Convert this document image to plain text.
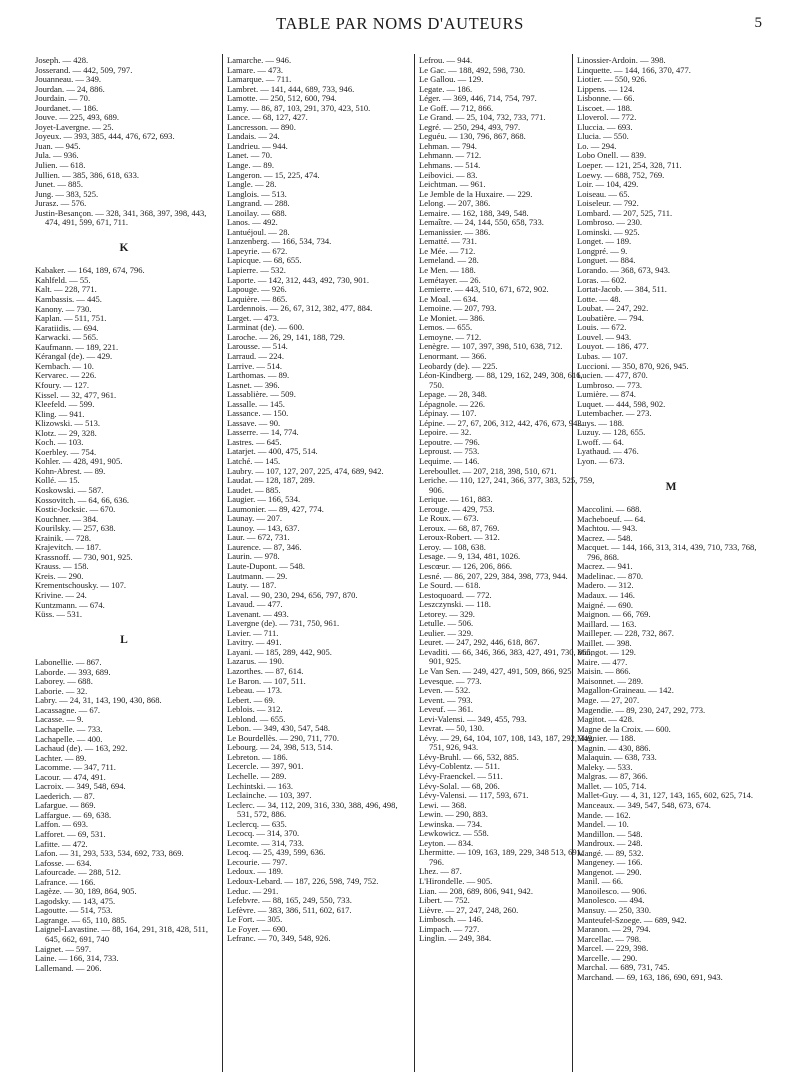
TABLE PAR NOMS D'AUTEURS	5
Joseph. — 428.
Josserand. — 442, 509, 797.
Jouanneau. — 349.
Jourdan. — 24, 886.
Jourdain. — 70.
Jourdanet. — 186.
Jouve. — 225, 493, 689.
Joyet-Lavergne. — 25.
Joyeux. — 393, 385, 444, 476, 672, 693.
Juan. — 945.
Jula. — 936.
Julien. — 618.
Jullien. — 385, 386, 618, 633.
Junet. — 885.
Jung. — 383, 525.
Jurasz. — 576.
Justin-Besançon. — 328, 341, 368, 397, 398, 443, 474, 491, 599, 671, 711.
K
Kabaker. — 164, 189, 674, 796.
Kahlfeld. — 55.
Kalt. — 228, 771.
Kambassis. — 445.
Kanony. — 730.
Kaplan. — 511, 751.
Karatiidis. — 694.
Karwacki. — 565.
Kaufmann. — 189, 221.
Kérangal (de). — 429.
Kernbach. — 10.
Kervarec. — 226.
Kfoury. — 127.
Kissel. — 32, 477, 961.
Kleefeld. — 599.
Kling. — 941.
Klizowski. — 513.
Klotz. — 29, 328.
Koch. — 103.
Koerbley. — 754.
Kohler. — 428, 491, 905.
Kohn-Abrest. — 89.
Kollé. — 15.
Koskowski. — 587.
Kossovitch. — 64, 66, 636.
Kostic-Jocksic. — 670.
Kouchner. — 384.
Kourilsky. — 257, 638.
Krainik. — 728.
Krajevitch. — 187.
Krassnoff. — 730, 901, 925.
Krauss. — 158.
Kreis. — 290.
Krementschousky. — 107.
Krivine. — 24.
Kuntzmann. — 674.
Küss. — 531.
L
Labonellie. — 867.
Laborde. — 393, 689.
Laborey. — 688.
Laborie. — 32.
Labry. — 24, 31, 143, 190, 430, 868.
Lacassagne. — 67.
Lacasse. — 9.
Lachapelle. — 733.
Lachapelle. — 400.
Lachaud (de). — 163, 292.
Lachter. — 89.
Lacomme. — 347, 711.
Lacour. — 474, 491.
Lacroix. — 349, 548, 694.
Laederich. — 87.
Lafargue. — 869.
Laffargue. — 69, 638.
Laffon. — 693.
Lafforet. — 69, 531.
Lafitte. — 472.
Lafon. — 31, 293, 533, 534, 692, 733, 869.
Lafosse. — 634.
Lafourcade. — 288, 512.
Lafrance. — 166.
Lagèze. — 30, 189, 864, 905.
Lagodsky. — 143, 475.
Lagoutte. — 514, 753.
Lagrange. — 65, 110, 885.
Laignel-Lavastine. — 88, 164, 291, 318, 428, 511, 645, 662, 691, 740
Laignet. — 597.
Laine. — 166, 314, 733.
Lallemand. — 206.
Lamarche. — 946.
Lamare. — 473.
Lamarque. — 711.
Lambret. — 141, 444, 689, 733, 946.
Lamotte. — 250, 512, 600, 794.
Lamy. — 86, 87, 103, 291, 370, 423, 510.
Lance. — 68, 127, 427.
Lancresson. — 890.
Landais. — 24.
Landrieu. — 944.
Lanet. — 70.
Lange. — 89.
Langeron. — 15, 225, 474.
Langle. — 28.
Langlois. — 513.
Langrand. — 288.
Lanoilay. — 688.
Lanos. — 492.
Lantuéjoul. — 28.
Lanzenberg. — 166, 534, 734.
Lapeyrie. — 672.
Lapicque. — 68, 655.
Lapierre. — 532.
Laporte. — 142, 312, 443, 492, 730, 901.
Lapouge. — 926.
Laquière. — 865.
Lardennois. — 26, 67, 312, 382, 477, 884.
Larget. — 473.
Larminat (de). — 600.
Laroche. — 26, 29, 141, 188, 729.
Larousse. — 514.
Larraud. — 224.
Larrive. — 514.
Larthomas. — 89.
Lasnet. — 396.
Lassablière. — 509.
Lassalle. — 145.
Lassance. — 150.
Lassave. — 90.
Lasserre. — 14, 774.
Lastres. — 645.
Latarjet. — 400, 475, 514.
Latché. — 145.
Laubry. — 107, 127, 207, 225, 474, 689, 942.
Laudat. — 128, 187, 289.
Laudet. — 885.
Laugier. — 166, 534.
Laumonier. — 89, 427, 774.
Launay. — 207.
Launoy. — 143, 637.
Laur. — 672, 731.
Laurence. — 87, 346.
Laurin. — 978.
Laute-Dupont. — 548.
Lautmann. — 29.
Lauty. — 187.
Laval. — 90, 230, 294, 656, 797, 870.
Lavaud. — 477.
Lavenant. — 493.
Lavergne (de). — 731, 750, 961.
Lavier. — 711.
Lavitry. — 491.
Layani. — 185, 289, 442, 905.
Lazarus. — 190.
Lazorthes. — 87, 614.
Le Baron. — 107, 511.
Lebeau. — 173.
Lebert. — 69.
Leblois. — 312.
Leblond. — 655.
Lebon. — 349, 430, 547, 548.
Le Bourdellès. — 290, 711, 770.
Lebourg. — 24, 398, 513, 514.
Lebreton. — 186.
Lecercle. — 397, 901.
Lechelle. — 289.
Lechintski. — 163.
Leclainche. — 103, 397.
Leclerc. — 34, 112, 209, 316, 330, 388, 496, 498, 531, 572, 886.
Leclercq. — 635.
Lecocq. — 314, 370.
Lecomte. — 314, 733.
Lecoq. — 25, 439, 599, 636.
Lecourie. — 797.
Ledoux. — 189.
Ledoux-Lebard. — 187, 226, 598, 749, 752.
Leduc. — 291.
Lefebvre. — 88, 165, 249, 550, 733.
Lefèvre. — 383, 386, 511, 602, 617.
Le Fort. — 305.
Le Foyer. — 690.
Lefranc. — 70, 349, 548, 926.
Lefrou. — 944.
Le Gac. — 188, 492, 598, 730.
Le Gallou. — 129.
Legate. — 186.
Léger. — 369, 446, 714, 754, 797.
Le Goff. — 712, 866.
Le Grand. — 25, 104, 732, 733, 771.
Legré. — 250, 294, 493, 797.
Leguéu. — 130, 796, 867, 868.
Lehman. — 794.
Lehmann. — 712.
Lehmans. — 514.
Leibovici. — 83.
Leichtman. — 961.
Le Jemble de la Huxaire. — 229.
Lelong. — 207, 386.
Lemaire. — 162, 188, 349, 548.
Lemaître. — 24, 144, 550, 658, 733.
Lemanissier. — 386.
Lematté. — 731.
Le Mée. — 712.
Lemeland. — 28.
Le Men. — 188.
Lemétayer. — 26.
Lemierre. — 443, 510, 671, 672, 902.
Le Moal. — 634.
Lemoine. — 207, 793.
Le Moniet. — 386.
Lemos. — 655.
Lemoyne. — 712.
Lenègre. — 107, 397, 398, 510, 638, 712.
Lenormant. — 366.
Leobardy (de). — 225.
Léon-Kindberg. — 88, 129, 162, 249, 308, 616, 750.
Lepage. — 28, 348.
Lépagnole. — 226.
Lépinay. — 107.
Lépine. — 27, 67, 206, 312, 442, 476, 673, 943.
Lepoire. — 32.
Lepoutre. — 796.
Leproust. — 753.
Lequime. — 146.
Lereboullet. — 207, 218, 398, 510, 671.
Leriche. — 110, 127, 241, 366, 377, 383, 525, 759, 906.
Lerique. — 161, 883.
Lerouge. — 429, 753.
Le Roux. — 673.
Leroux. — 68, 87, 769.
Leroux-Robert. — 312.
Leroy. — 108, 638.
Lesage. — 9, 134, 481, 1026.
Lescœur. — 126, 206, 866.
Lesné. — 86, 207, 229, 384, 398, 773, 944.
Le Sourd. — 618.
Lestoquoard. — 772.
Leszczynski. — 118.
Letorey. — 329.
Letulle. — 506.
Leulier. — 329.
Leuret. — 247, 292, 446, 618, 867.
Levaditi. — 66, 346, 366, 383, 427, 491, 730, 865, 901, 925.
Le Van Sen. — 249, 427, 491, 509, 866, 925.
Levesque. — 773.
Leven. — 532.
Levent. — 793.
Leveuf. — 361.
Levi-Valensi. — 349, 455, 793.
Levrat. — 50, 130.
Lévy. — 29, 64, 104, 107, 108, 143, 187, 292, 349, 751, 926, 943.
Lévy-Bruhl. — 66, 532, 885.
Lévy-Coblentz. — 511.
Lévy-Fraenckel. — 511.
Lévy-Solal. — 68, 206.
Lévy-Valensi. — 117, 593, 671.
Lewi. — 368.
Lewin. — 290, 883.
Lewinska. — 734.
Lewkowicz. — 558.
Leyton. — 834.
Lhermitte. — 109, 163, 189, 229, 348 513, 691, 796.
Lhez. — 87.
L'Hirondelle. — 905.
Lian. — 208, 689, 806, 941, 942.
Libert. — 752.
Lièvre. — 27, 247, 248, 260.
Limbosch. — 146.
Limpach. — 727.
Linglin. — 249, 384.
Linossier-Ardoin. — 398.
Linquette. — 144, 166, 370, 477.
Liotier. — 550, 926.
Lippens. — 124.
Lisbonne. — 66.
Liscoet. — 188.
Lloverol. — 772.
Lluccia. — 693.
Llucia. — 550.
Lo. — 294.
Lobo Onell. — 839.
Loeper. — 121, 254, 328, 711.
Loewy. — 688, 752, 769.
Loir. — 104, 429.
Loiseau. — 65.
Loiseleur. — 792.
Lombard. — 207, 525, 711.
Lombroso. — 230.
Lominski. — 925.
Longet. — 189.
Longpré. — 9.
Longuet. — 884.
Lorando. — 368, 673, 943.
Loras. — 602.
Lortat-Jacob. — 384, 511.
Lotte. — 48.
Loubat. — 247, 292.
Loubatière. — 794.
Louis. — 672.
Louvel. — 943.
Louyot. — 186, 477.
Lubas. — 107.
Luccioni. — 350, 870, 926, 945.
Lucien. — 477, 870.
Lumbroso. — 773.
Lumière. — 874.
Luquet. — 444, 598, 902.
Lutembacher. — 273.
Luys. — 188.
Luzuy. — 128, 655.
Lwoff. — 64.
Lyathaud. — 476.
Lyon. — 673.
M
Maccolini. — 688.
Macheboeuf. — 64.
Machtou. — 943.
Macrez. — 548.
Macquet. — 144, 166, 313, 314, 439, 710, 733, 768, 796, 868.
Macrez. — 941.
Madelinac. — 870.
Madero. — 312.
Madaux. — 146.
Maigné. — 690.
Maignon. — 66, 769.
Maillard. — 163.
Mailleper. — 228, 732, 867.
Maillet. — 398.
Maingot. — 129.
Maire. — 477.
Maisin. — 866.
Maisonnet. — 289.
Magallon-Graineau. — 142.
Mage. — 27, 207.
Magendie. — 89, 230, 247, 292, 773.
Magitot. — 428.
Magne de la Croix. — 600.
Magnier. — 188.
Magnin. — 430, 886.
Malaquin. — 638, 733.
Maleky. — 533.
Malgras. — 87, 366.
Mallet. — 105, 714.
Mallet-Guy. — 4, 31, 127, 143, 165, 602, 625, 714.
Manceaux. — 349, 547, 548, 673, 674.
Mande. — 162.
Mandel. — 10.
Mandillon. — 548.
Mandroux. — 248.
Mangé. — 89, 532.
Mangeney. — 166.
Mangenot. — 290.
Manil. — 66.
Manoilesco. — 906.
Manolesco. — 494.
Mansuy. — 250, 330.
Manteufel-Szoege. — 689, 942.
Maranon. — 29, 794.
Marcellac. — 798.
Marcel. — 229, 398.
Marcelle. — 290.
Marchal. — 689, 731, 745.
Marchand. — 69, 163, 186, 690, 691, 943.
